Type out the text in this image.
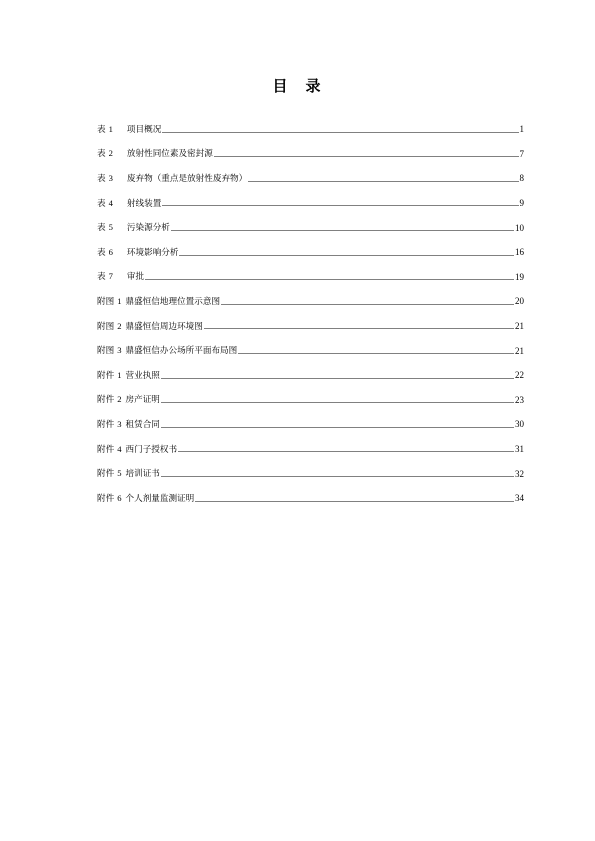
目 录
表 1 项目概况	1
表 2 放射性同位素及密封源	7
表 3 废弃物（重点是放射性废弃物）	8
表 4 射线装置	9
表 5 污染源分析	10
表 6 环境影响分析	16
表 7 审批	19
附图 1 鼎盛恒信地理位置示意图	20
附图 2 鼎盛恒信周边环境图	21
附图 3 鼎盛恒信办公场所平面布局图	21
附件 1 营业执照	22
附件 2 房产证明	23
附件 3 租赁合同	30
附件 4 西门子授权书	31
附件 5 培训证书	32
附件 6 个人剂量监测证明	34
